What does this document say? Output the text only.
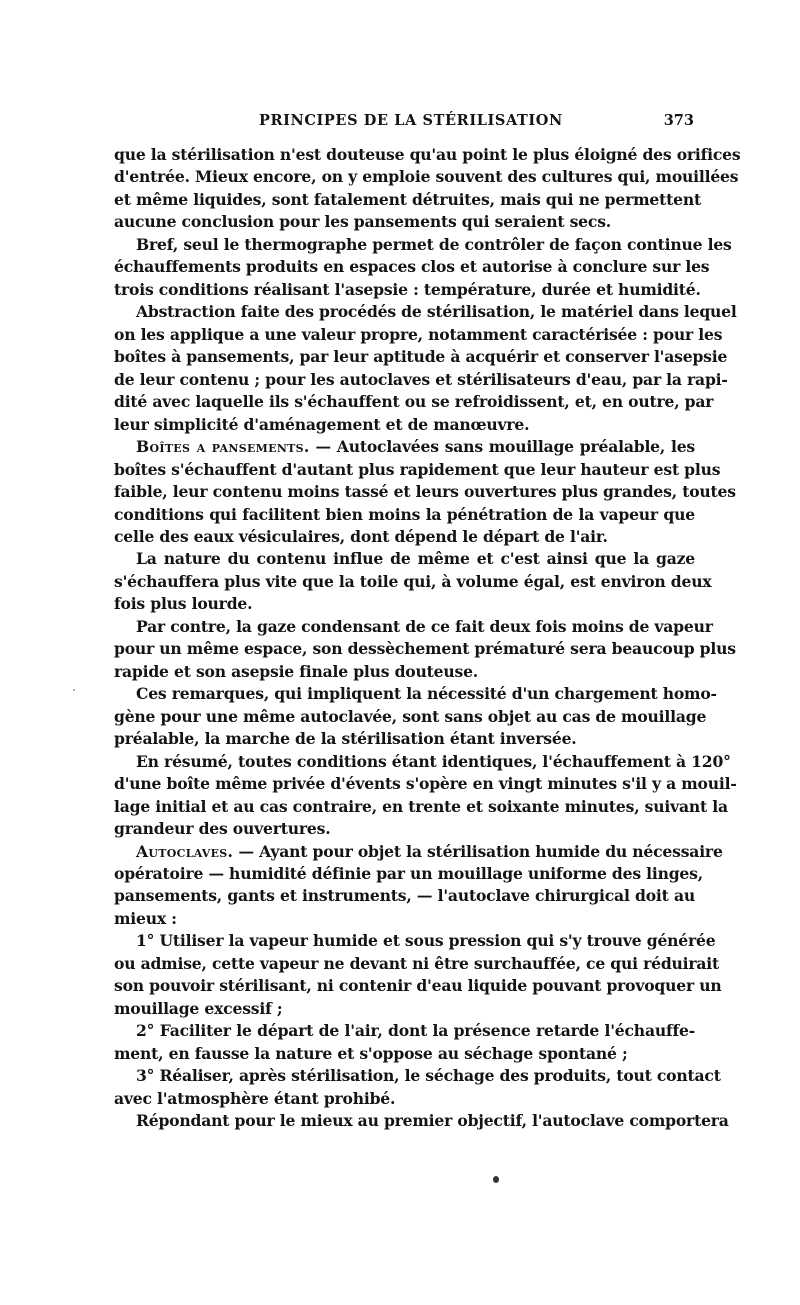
PRINCIPES DE LA STÉRILISATION	373
que la stérilisation n'est douteuse qu'au point le plus éloigné des orifices
d'entrée. Mieux encore, on y emploie souvent des cultures qui, mouillées
et même liquides, sont fatalement détruites, mais qui ne permettent
aucune conclusion pour les pansements qui seraient secs.
Bref, seul le thermographe permet de contrôler de façon continue les
échauffements produits en espaces clos et autorise à conclure sur les
trois conditions réalisant l'asepsie : température, durée et humidité.
Abstraction faite des procédés de stérilisation, le matériel dans lequel
on les applique a une valeur propre, notamment caractérisée : pour les
boîtes à pansements, par leur aptitude à acquérir et conserver l'asepsie
de leur contenu ; pour les autoclaves et stérilisateurs d'eau, par la rapi-
dité avec laquelle ils s'échauffent ou se refroidissent, et, en outre, par
leur simplicité d'aménagement et de manœuvre.
Boîtes a pansements. — Autoclavées sans mouillage préalable, les
boîtes s'échauffent d'autant plus rapidement que leur hauteur est plus
faible, leur contenu moins tassé et leurs ouvertures plus grandes, toutes
conditions qui facilitent bien moins la pénétration de la vapeur que
celle des eaux vésiculaires, dont dépend le départ de l'air.
La nature du contenu influe de même et c'est ainsi que la gaze
s'échauffera plus vite que la toile qui, à volume égal, est environ deux
fois plus lourde.
Par contre, la gaze condensant de ce fait deux fois moins de vapeur
pour un même espace, son dessèchement prématuré sera beaucoup plus
rapide et son asepsie finale plus douteuse.
Ces remarques, qui impliquent la nécessité d'un chargement homo-
gène pour une même autoclavée, sont sans objet au cas de mouillage
préalable, la marche de la stérilisation étant inversée.
En résumé, toutes conditions étant identiques, l'échauffement à 120°
d'une boîte même privée d'évents s'opère en vingt minutes s'il y a mouil-
lage initial et au cas contraire, en trente et soixante minutes, suivant la
grandeur des ouvertures.
Autoclaves. — Ayant pour objet la stérilisation humide du nécessaire
opératoire — humidité définie par un mouillage uniforme des linges,
pansements, gants et instruments, — l'autoclave chirurgical doit au
mieux :
1° Utiliser la vapeur humide et sous pression qui s'y trouve générée
ou admise, cette vapeur ne devant ni être surchauffée, ce qui réduirait
son pouvoir stérilisant, ni contenir d'eau liquide pouvant provoquer un
mouillage excessif ;
2° Faciliter le départ de l'air, dont la présence retarde l'échauffe-
ment, en fausse la nature et s'oppose au séchage spontané ;
3° Réaliser, après stérilisation, le séchage des produits, tout contact
avec l'atmosphère étant prohibé.
Répondant pour le mieux au premier objectif, l'autoclave comportera
